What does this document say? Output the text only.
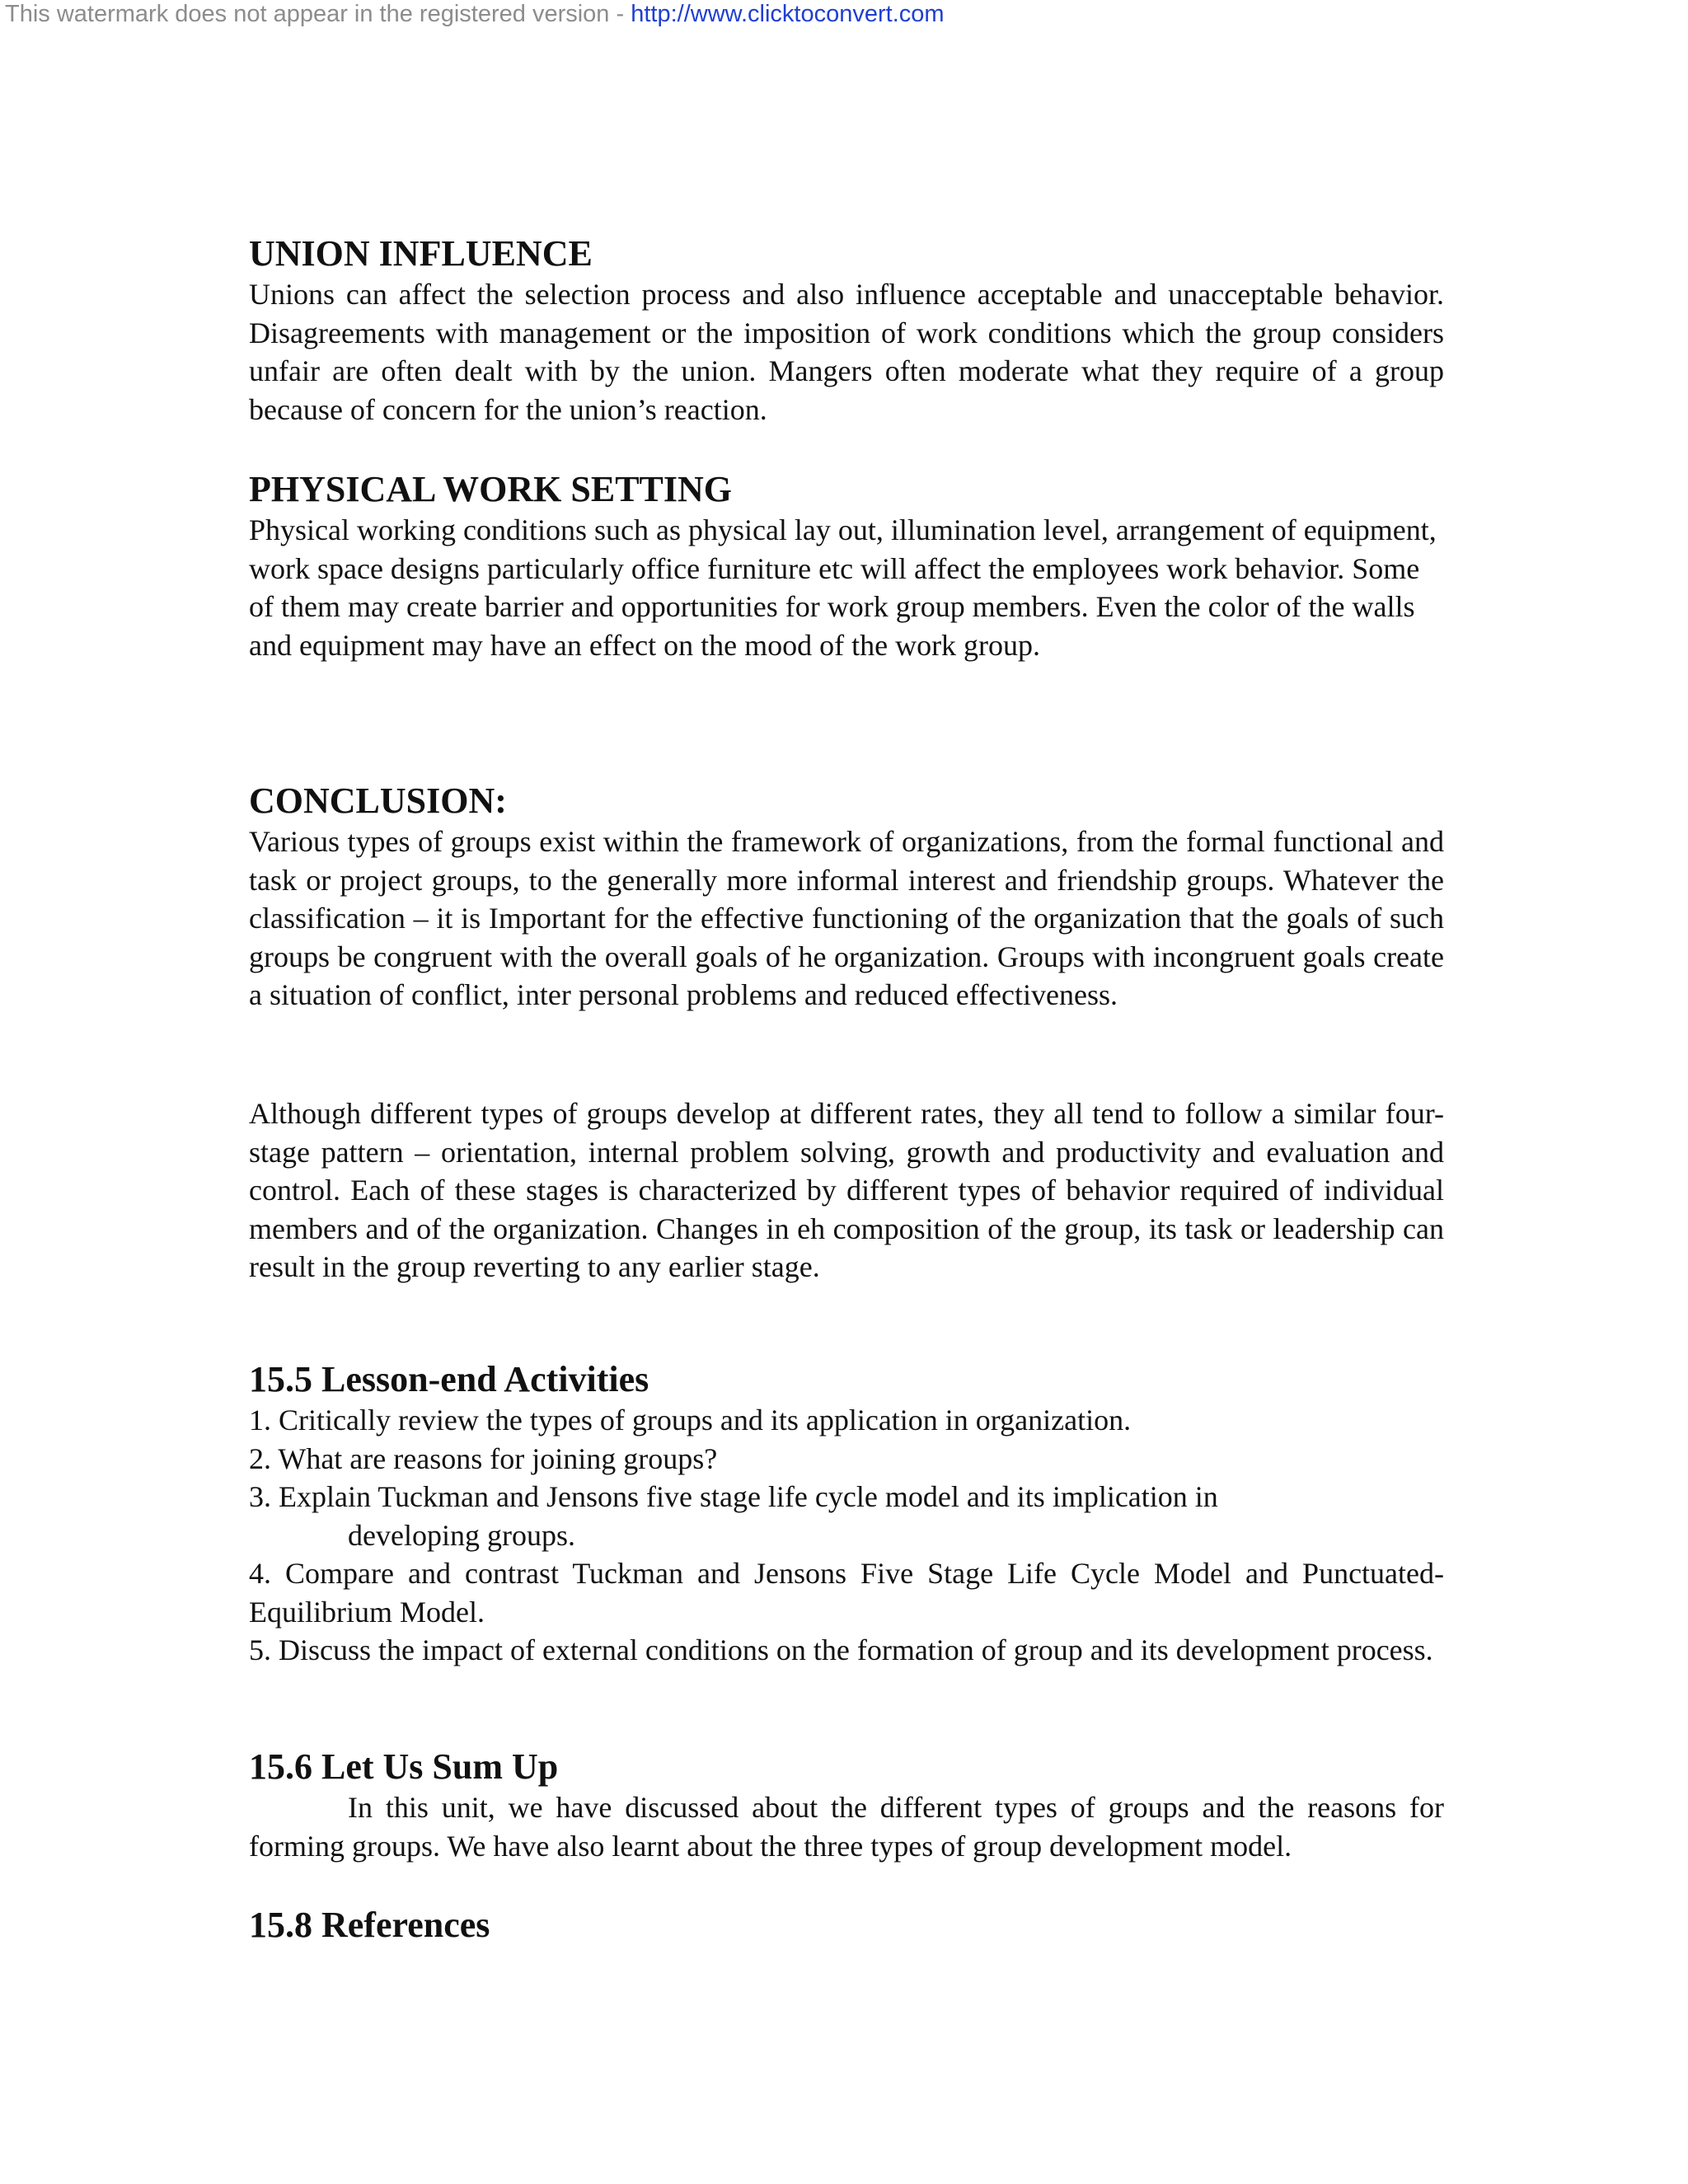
This watermark does not appear in the registered version - http://www.clicktoconvert.com
UNION INFLUENCE

Unions can affect the selection process and also influence acceptable and unacceptable behavior. Disagreements with management or the imposition of work conditions which the group considers unfair are often dealt with by the union. Mangers often moderate what they require of a group because of concern for the union’s reaction.

PHYSICAL WORK SETTING

Physical working conditions such as physical lay out, illumination level, arrangement of equipment, work space designs particularly office furniture etc will affect the employees work behavior. Some of them may create barrier and opportunities for work group members. Even the color of the walls and equipment may have an effect on the mood of the work group.

CONCLUSION:

Various types of groups exist within the framework of organizations, from the formal functional and task or project groups, to the generally more informal interest and friendship groups. Whatever the classification – it is Important for the effective functioning of the organization that the goals of such groups be congruent with the overall goals of he organization. Groups with incongruent goals create a situation of conflict, inter personal problems and reduced effectiveness.

Although different types of groups develop at different rates, they all tend to follow a similar four-stage pattern – orientation, internal problem solving, growth and productivity and evaluation and control. Each of these stages is characterized by different types of behavior required of individual members and of the organization. Changes in eh composition of the group, its task or leadership can result in the group reverting to any earlier stage.

15.5 Lesson-end Activities

1. Critically review the types of groups and its application in organization.

2. What are reasons for joining groups?

3. Explain Tuckman and Jensons five stage life cycle model and its implication in
developing groups.

4. Compare and contrast Tuckman and Jensons Five Stage Life Cycle Model and Punctuated-Equilibrium Model.

5. Discuss the impact of external conditions on the formation of group and its development process.

15.6 Let Us Sum Up

In this unit, we have discussed about the different types of groups and the reasons for forming groups. We have also learnt about the three types of group development model.

15.8 References
